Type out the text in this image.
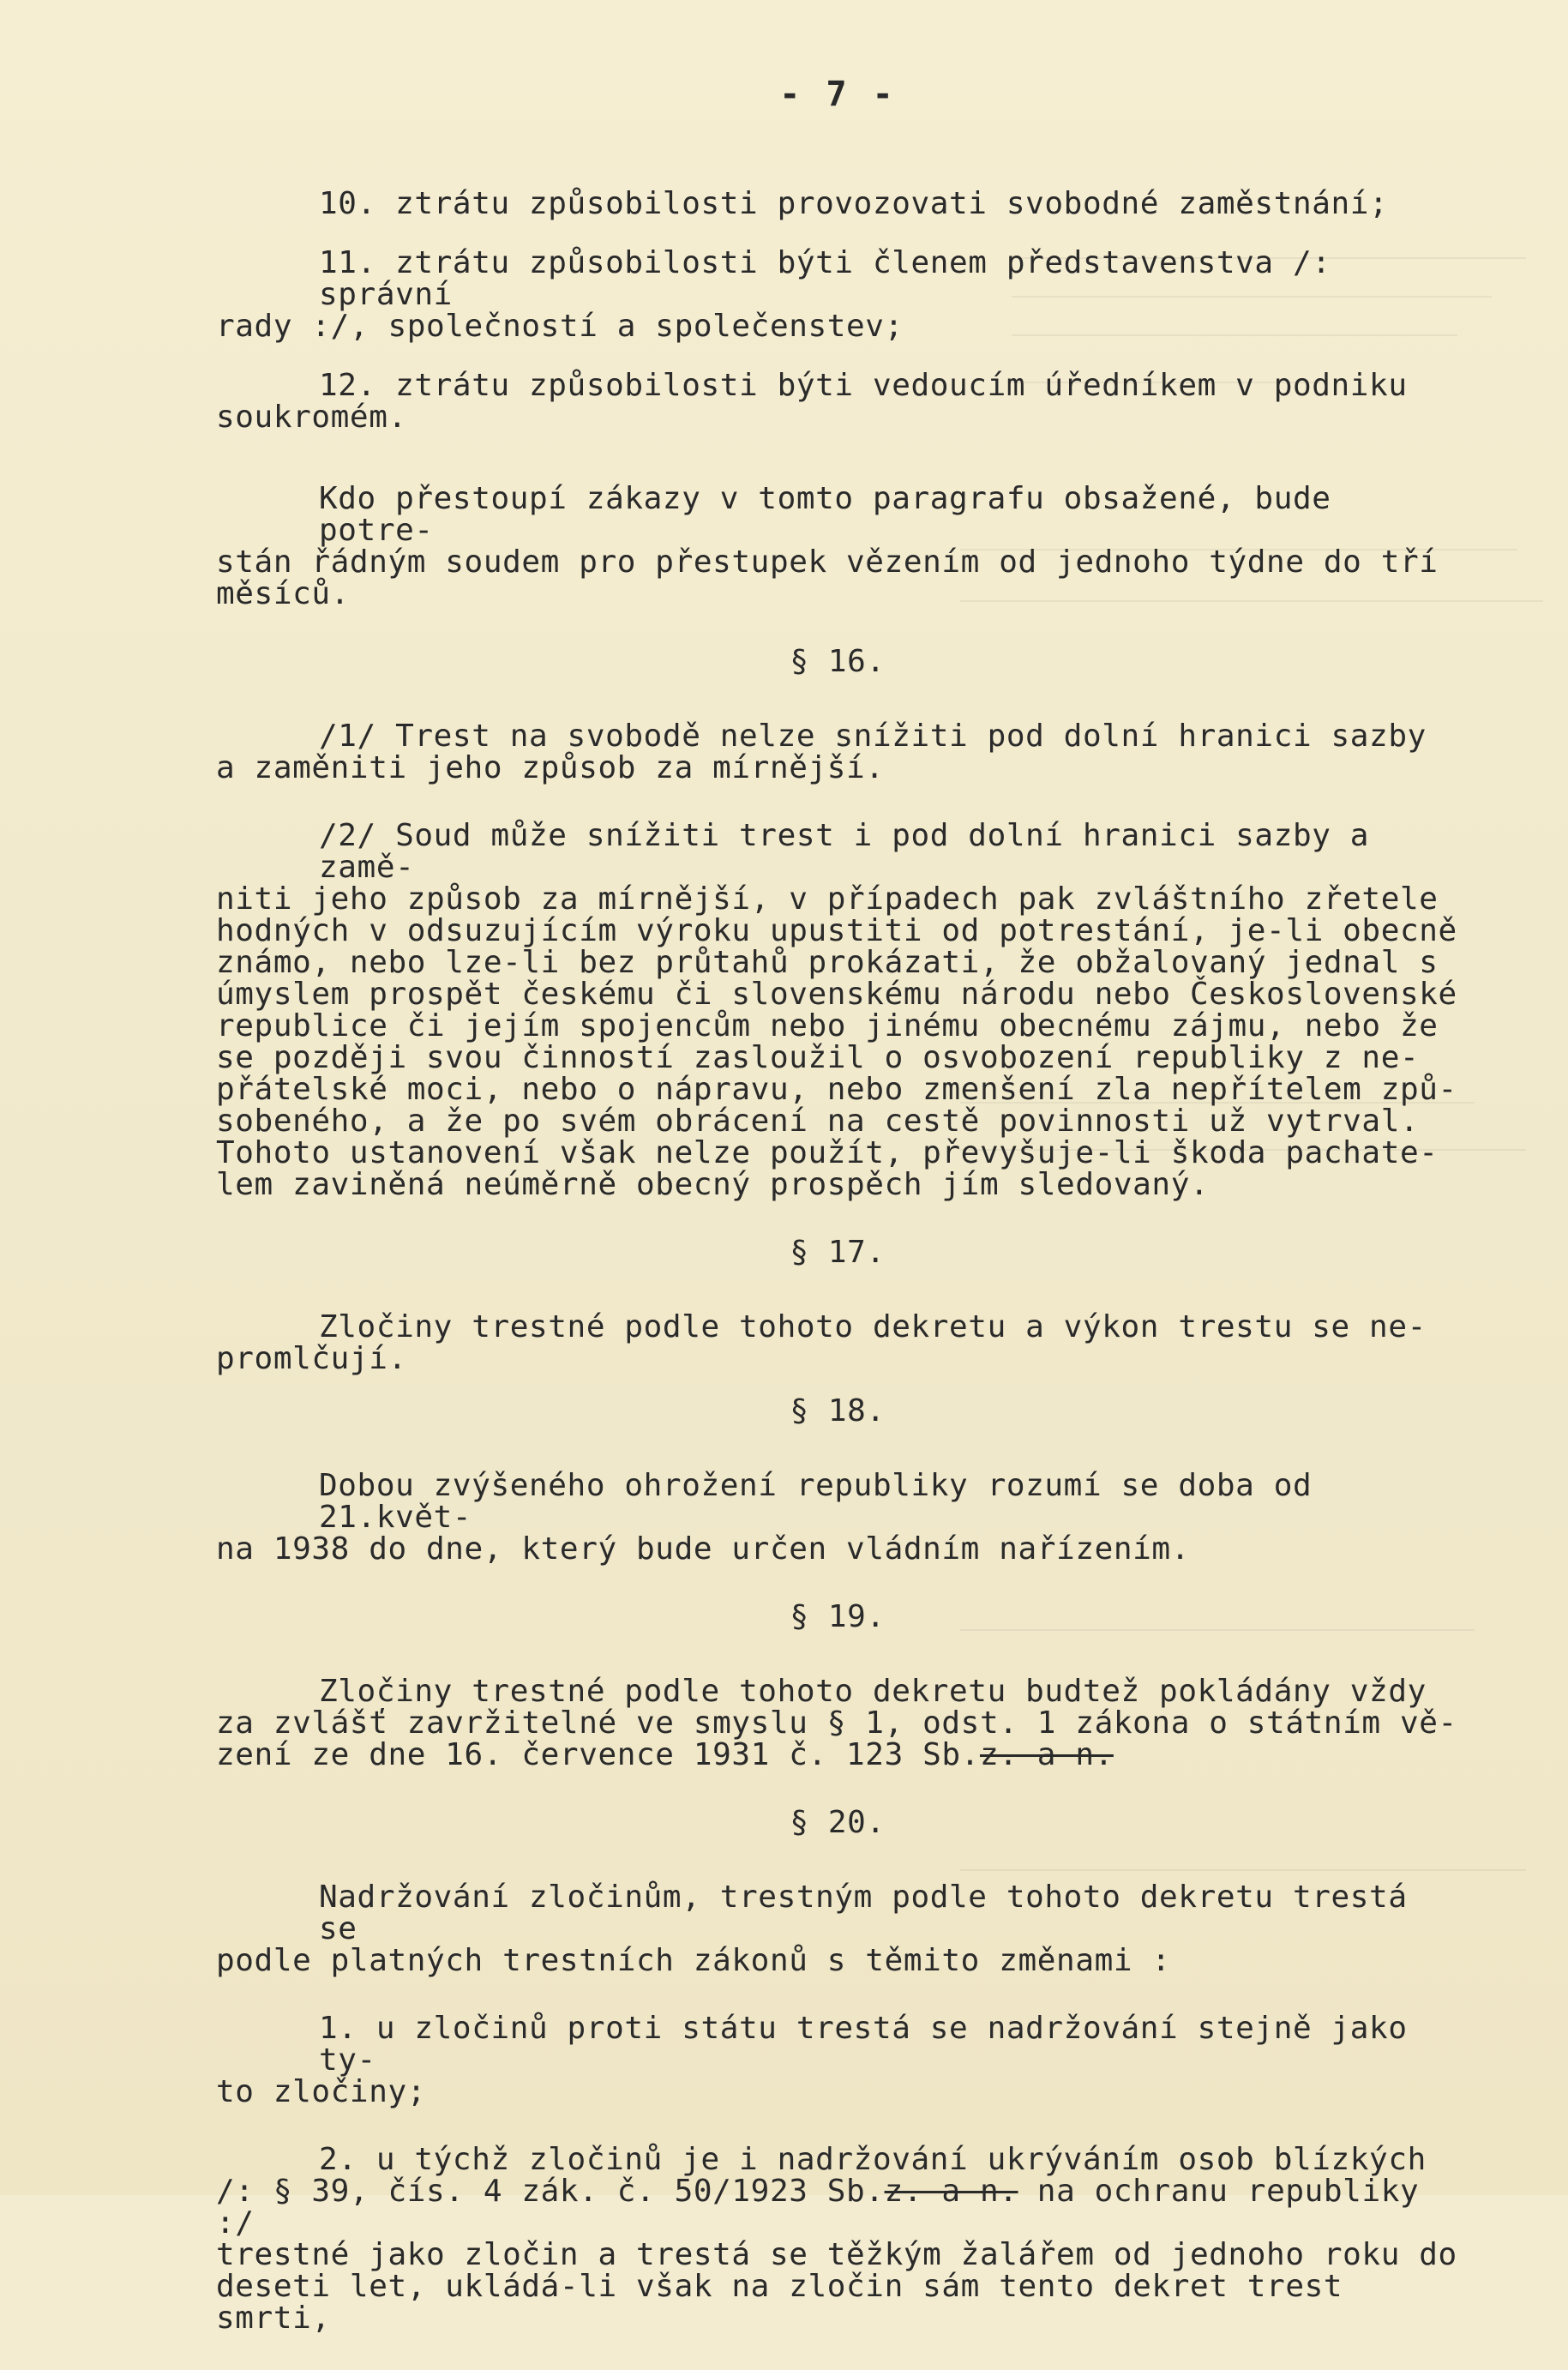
- 7 -
10. ztrátu způsobilosti provozovati svobodné zaměstnání;
11. ztrátu způsobilosti býti členem představenstva /: správní
rady :/, společností a společenstev;
12. ztrátu způsobilosti býti vedoucím úředníkem v podniku
soukromém.
Kdo přestoupí zákazy v tomto paragrafu obsažené, bude potre-
stán řádným soudem pro přestupek vězením od jednoho týdne do tří
měsíců.
§ 16.
/1/ Trest na svobodě nelze snížiti pod dolní hranici sazby
a zaměniti jeho způsob za mírnější.
/2/ Soud může snížiti trest i pod dolní hranici sazby a zamě-
niti jeho způsob za mírnější, v případech pak zvláštního zřetele
hodných v odsuzujícím výroku upustiti od potrestání, je-li obecně
známo, nebo lze-li bez průtahů prokázati, že obžalovaný jednal s
úmyslem prospět českému či slovenskému národu nebo Československé
republice či jejím spojencům nebo jinému obecnému zájmu, nebo že
se později svou činností zasloužil o osvobození republiky z ne-
přátelské moci, nebo o nápravu, nebo zmenšení zla nepřítelem způ-
sobeného, a že po svém obrácení na cestě povinnosti už vytrval.
Tohoto ustanovení však nelze použít, převyšuje-li škoda pachate-
lem zaviněná neúměrně obecný prospěch jím sledovaný.
§ 17.
Zločiny trestné podle tohoto dekretu a výkon trestu se ne-
promlčují.
§ 18.
Dobou zvýšeného ohrožení republiky rozumí se doba od 21.květ-
na 1938 do dne, který bude určen vládním nařízením.
§ 19.
Zločiny trestné podle tohoto dekretu budtež pokládány vždy
za zvlášť zavržitelné ve smyslu § 1, odst. 1 zákona o státním vě-
zení ze dne 16. července 1931 č. 123 Sb.z. a n.
§ 20.
Nadržování zločinům, trestným podle tohoto dekretu trestá se
podle platných trestních zákonů s těmito změnami :
1. u zločinů proti státu trestá se nadržování stejně jako ty-
to zločiny;
2. u týchž zločinů je i nadržování ukrýváním osob blízkých
/: § 39, čís. 4 zák. č. 50/1923 Sb.z. a n. na ochranu republiky :/
trestné jako zločin a trestá se těžkým žalářem od jednoho roku do
deseti let, ukládá-li však na zločin sám tento dekret trest smrti,
